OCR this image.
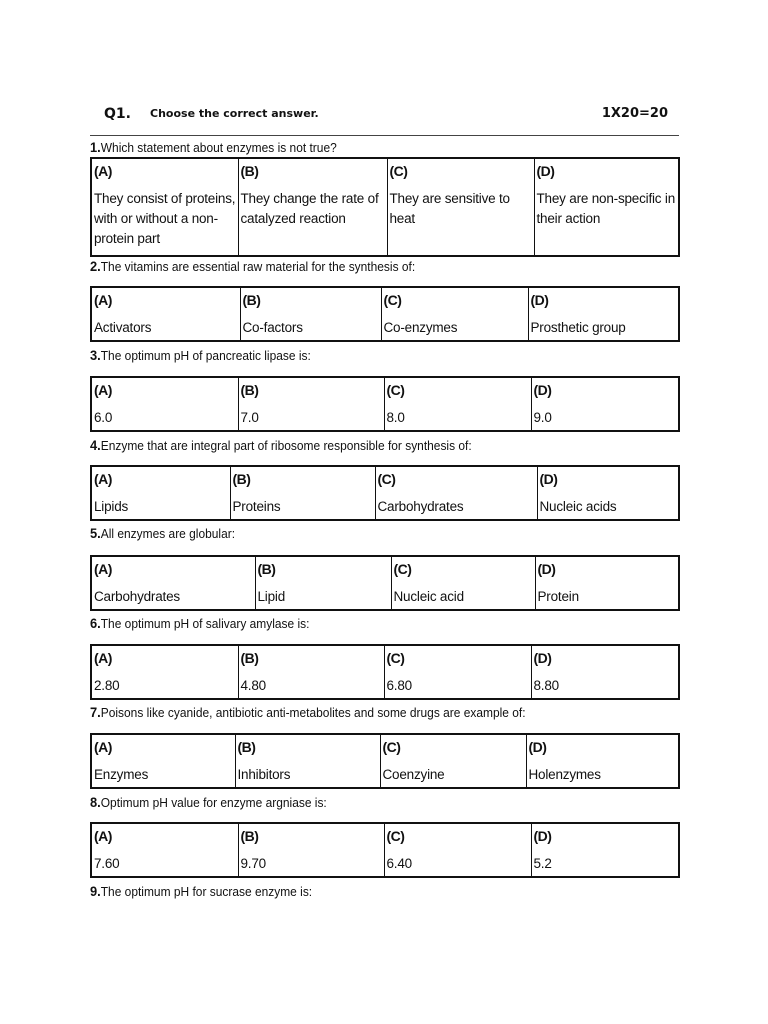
Q1. Choose the correct answer.	1X20=20
1.Which statement about enzymes is not true?
(A)	(B)	(C)	(D)
They consist of proteins, with or without a non-protein part	They change the rate of catalyzed reaction	They are sensitive to heat	They are non-specific in their action
2.The vitamins are essential raw material for the synthesis of:
(A)	(B)	(C)	(D)
Activators	Co-factors	Co-enzymes	Prosthetic group
3.The optimum pH of pancreatic lipase is:
(A)	(B)	(C)	(D)
6.0	7.0	8.0	9.0
4.Enzyme that are integral part of ribosome responsible for synthesis of:
(A)	(B)	(C)	(D)
Lipids	Proteins	Carbohydrates	Nucleic acids
5.All enzymes are globular:
(A)	(B)	(C)	(D)
Carbohydrates	Lipid	Nucleic acid	Protein
6.The optimum pH of salivary amylase is:
(A)	(B)	(C)	(D)
2.80	4.80	6.80	8.80
7.Poisons like cyanide, antibiotic anti-metabolites and some drugs are example of:
(A)	(B)	(C)	(D)
Enzymes	Inhibitors	Coenzyine	Holenzymes
8.Optimum pH value for enzyme argniase is:
(A)	(B)	(C)	(D)
7.60	9.70	6.40	5.2
9.The optimum pH for sucrase enzyme is:
